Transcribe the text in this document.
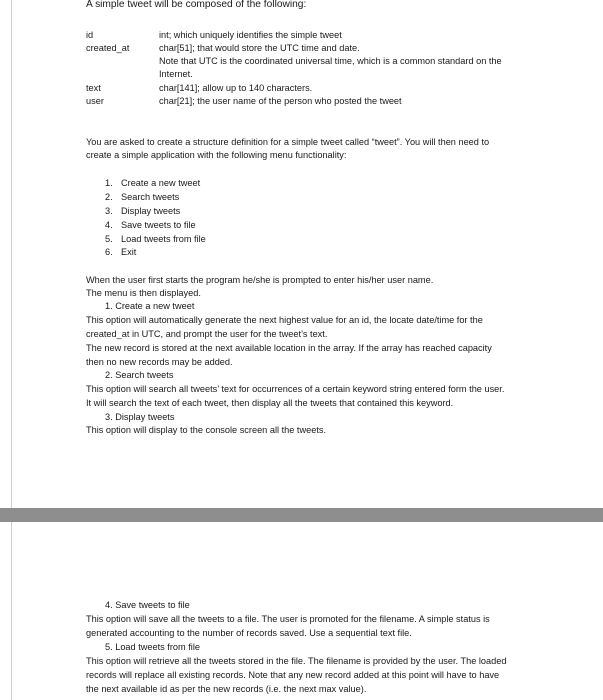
A simple tweet will be composed of the following:
id	int; which uniquely identifies the simple tweet
created_at	char[51]; that would store the UTC time and date.
Note that UTC is the coordinated universal time, which is a common standard on the
Internet.
text	char[141]; allow up to 140 characters.
user	char[21]; the user name of the person who posted the tweet
You are asked to create a structure definition for a simple tweet called “tweet”. You will then need to
create a simple application with the following menu functionality:
1. Create a new tweet
2. Search tweets
3. Display tweets
4. Save tweets to file
5. Load tweets from file
6. Exit
When the user first starts the program he/she is prompted to enter his/her user name.
The menu is then displayed.
1. Create a new tweet
This option will automatically generate the next highest value for an id, the locate date/time for the
created_at in UTC, and prompt the user for the tweet’s text.
The new record is stored at the next available location in the array. If the array has reached capacity
then no new records may be added.
2. Search tweets
This option will search all tweets’ text for occurrences of a certain keyword string entered form the user.
It will search the text of each tweet, then display all the tweets that contained this keyword.
3. Display tweets
This option will display to the console screen all the tweets.
4. Save tweets to file
This option will save all the tweets to a file. The user is promoted for the filename. A simple status is
generated accounting to the number of records saved. Use a sequential text file.
5. Load tweets from file
This option will retrieve all the tweets stored in the file. The filename is provided by the user. The loaded
records will replace all existing records. Note that any new record added at this point will have to have
the next available id as per the new records (i.e. the next max value).
